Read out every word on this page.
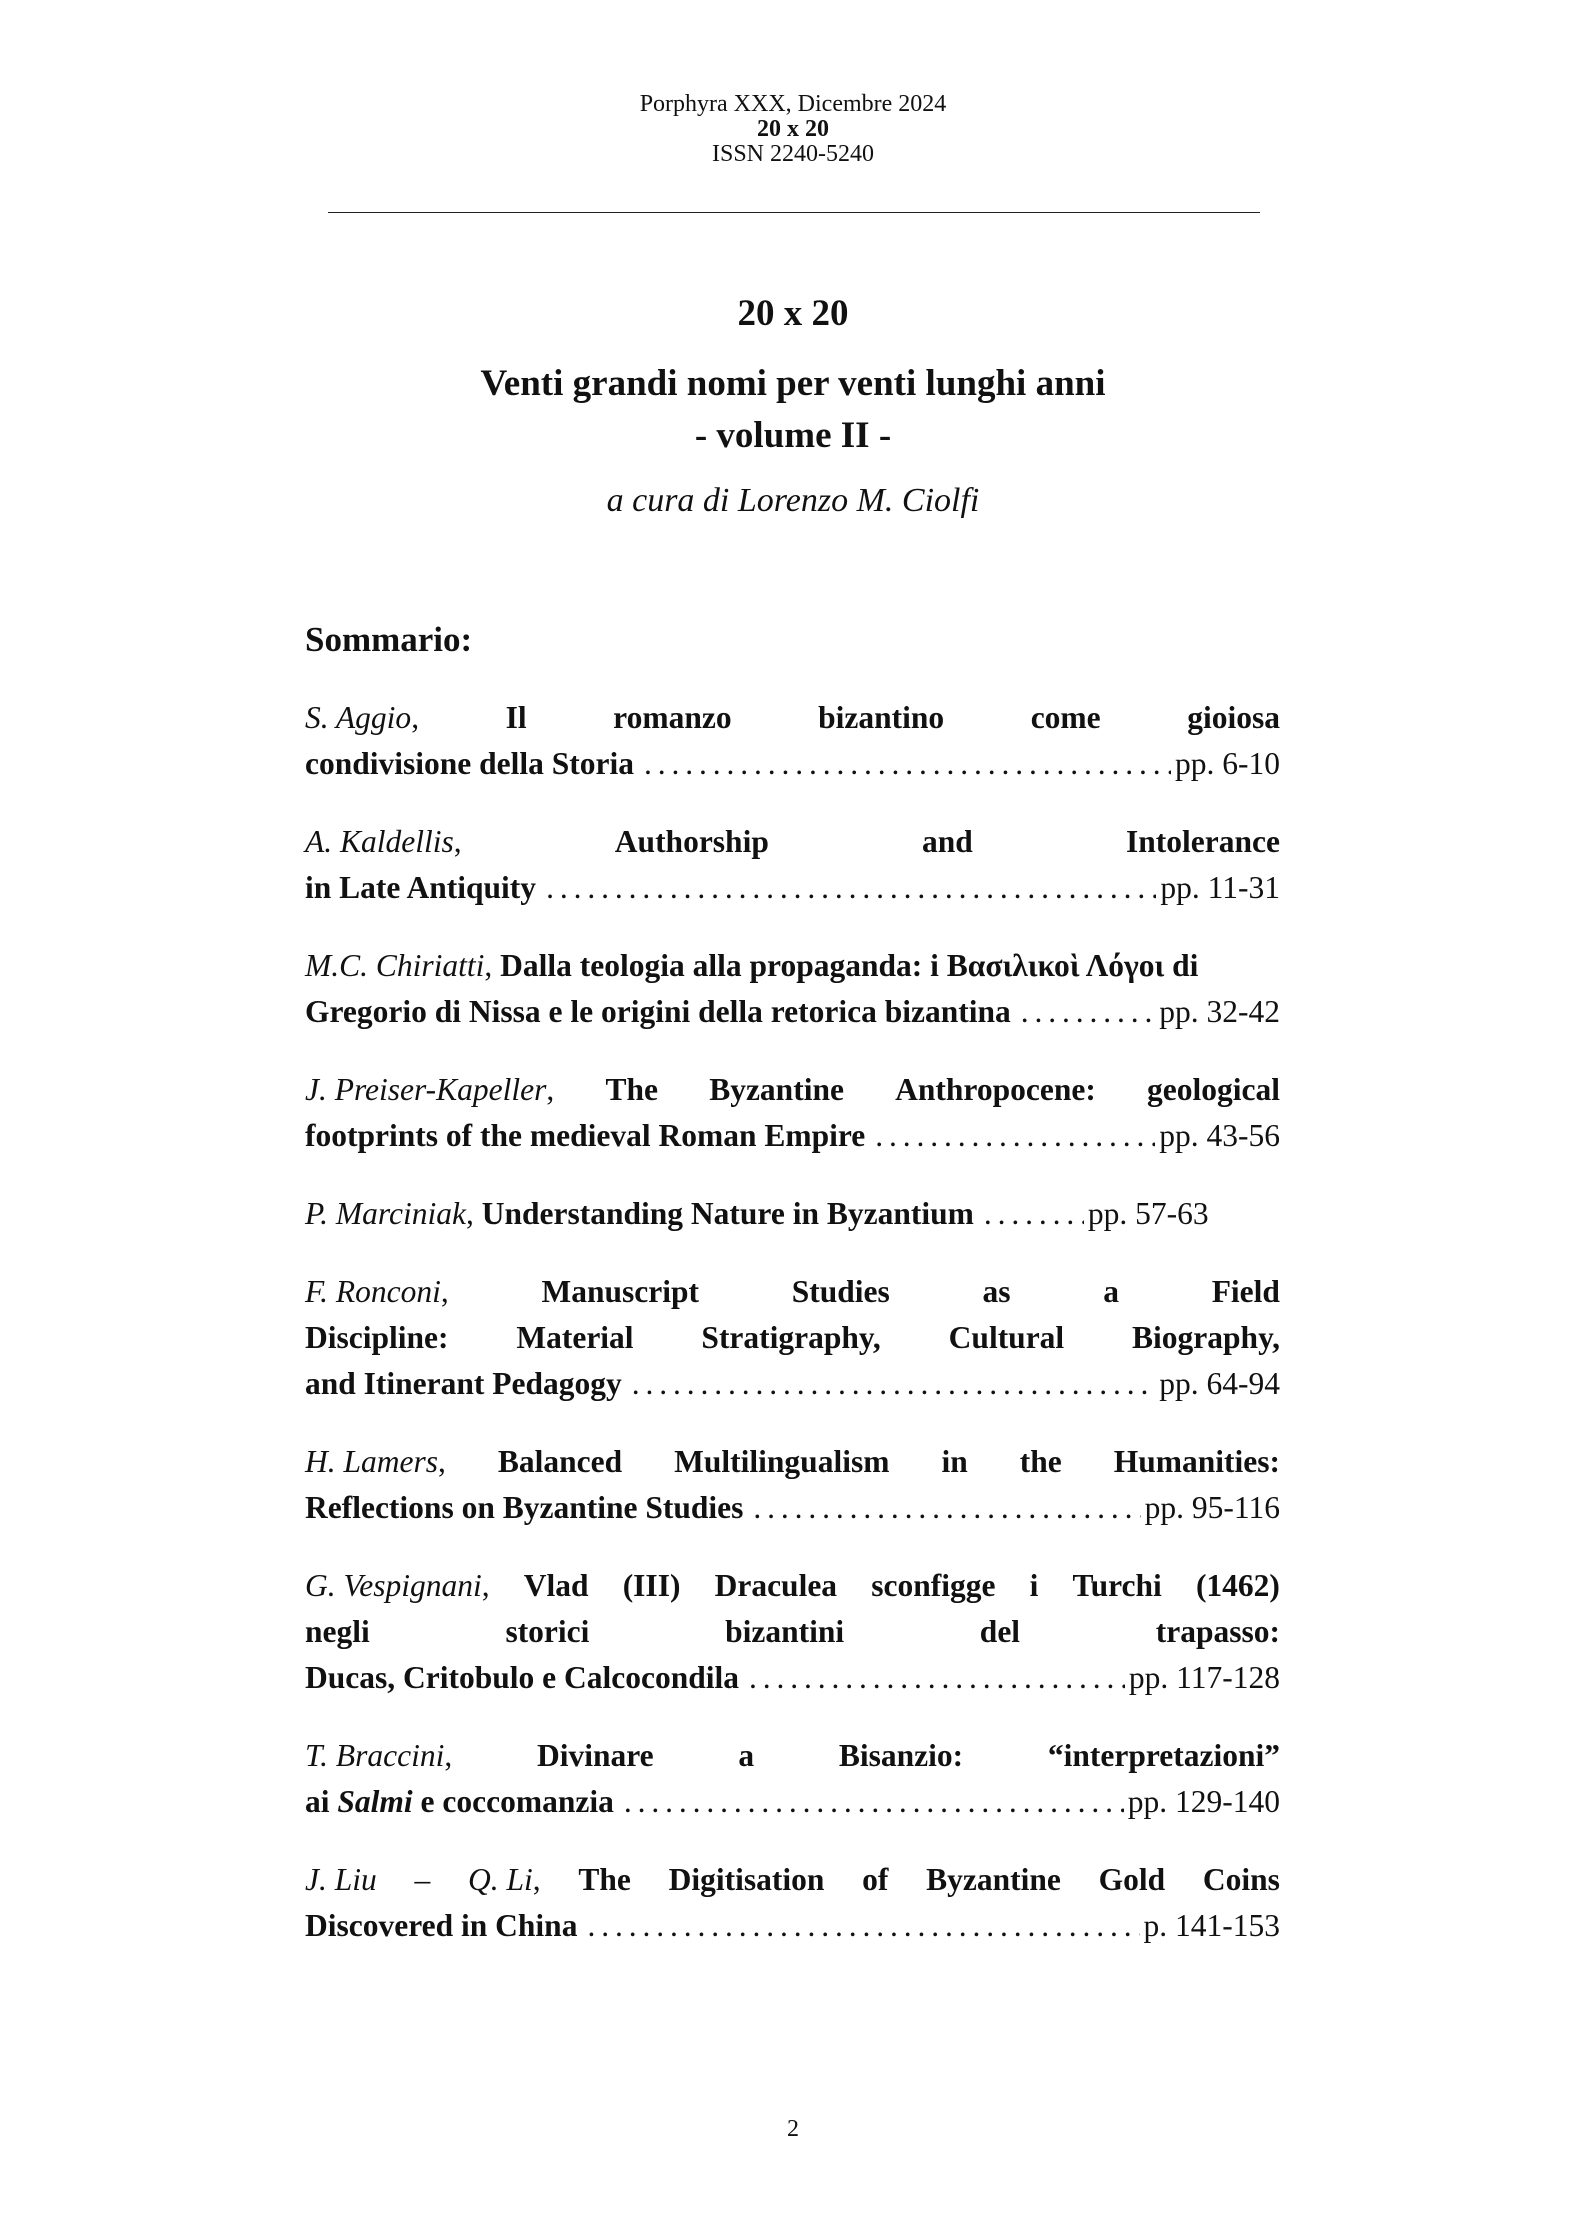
Porphyra XXX, Dicembre 2024
20 x 20
ISSN 2240-5240
20 x 20
Venti grandi nomi per venti lunghi anni
- volume II -
a cura di Lorenzo M. Ciolfi
Sommario:
S. Aggio,	Il	romanzo	bizantino	come	gioiosa
condivisione della Storia . . .	pp. 6-10
A. Kaldellis,	Authorship	and	Intolerance
in Late Antiquity . . .	pp. 11-31
M.C. Chiriatti , Dalla teologia alla propaganda: i Βασιλικοὶ Λόγοι di
Gregorio di Nissa e le origini della retorica bizantina . . .	pp. 32-42
J. Preiser-Kapeller, The Byzantine Anthropocene: geological
footprints of the medieval Roman Empire . . .	pp. 43-56
P. Marciniak , Understanding Nature in Byzantium . . .	pp. 57-63
F. Ronconi,	Manuscript	Studies	as	a	Field
Discipline: Material Stratigraphy, Cultural Biography,
and Itinerant Pedagogy . . .	pp. 64-94
H. Lamers, Balanced Multilingualism in the Humanities:
Reflections on Byzantine Studies . . .	pp. 95-116
G. Vespignani, Vlad (III) Draculea sconfigge i Turchi (1462)
negli	storici	bizantini	del	trapasso:
Ducas, Critobulo e Calcocondila . . .	pp. 117-128
T. Braccini,	Divinare	a	Bisanzio:	“interpretazioni”
ai Salmi e coccomanzia . . .	pp. 129-140
J. Liu – Q. Li, The Digitisation of Byzantine Gold Coins
Discovered in China . . .	p. 141-153
2
